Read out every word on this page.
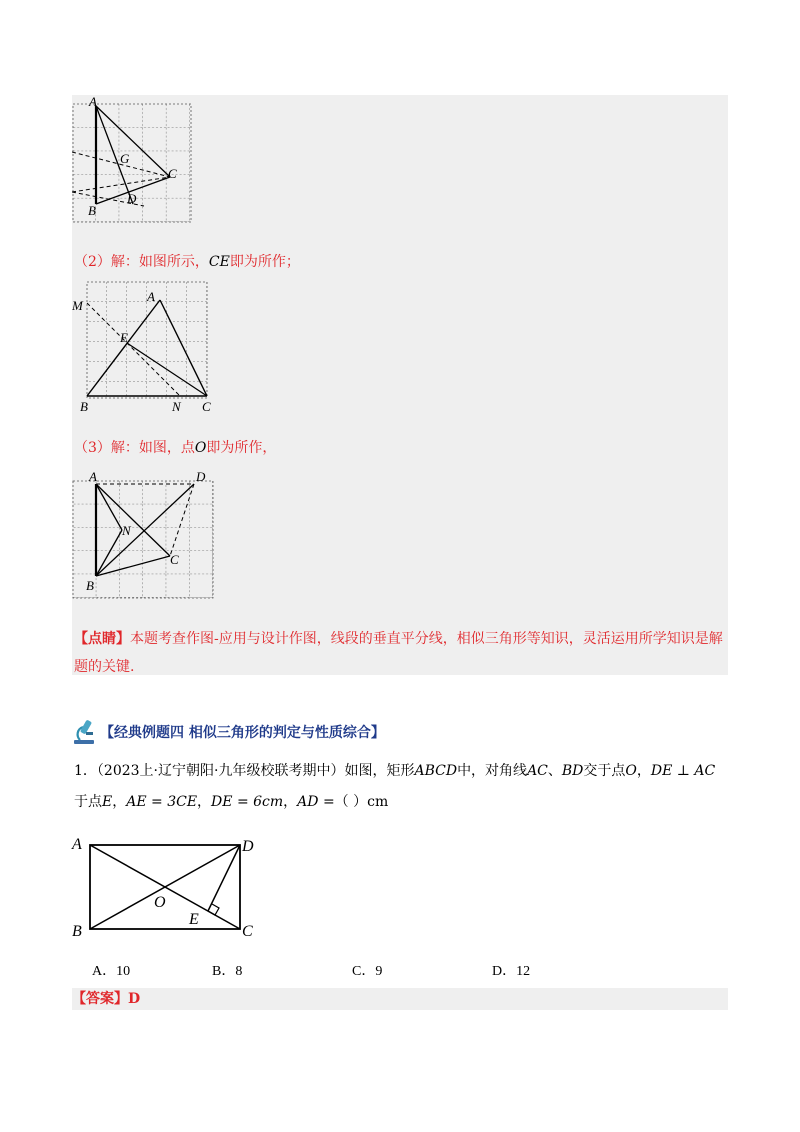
A
G
C
B
D
（2）解：如图所示，CE即为所作；
M
A
E
B	N C
（3）解：如图，点O即为所作，
A	D
N
C
B
【点睛】本题考查作图-应用与设计作图，线段的垂直平分线，相似三角形等知识，灵活运用所学知识是解题的关键.
【经典例题四 相似三角形的判定与性质综合】
1．（2023上·辽宁朝阳·九年级校联考期中）如图，矩形ABCD中，对角线AC、BD交于点O，DE ⊥ AC
于点E，AE = 3CE，DE = 6cm，AD =（ ）cm
A	D
O
E
B	C
A．10	B．8	C．9	D．12
【答案】D
